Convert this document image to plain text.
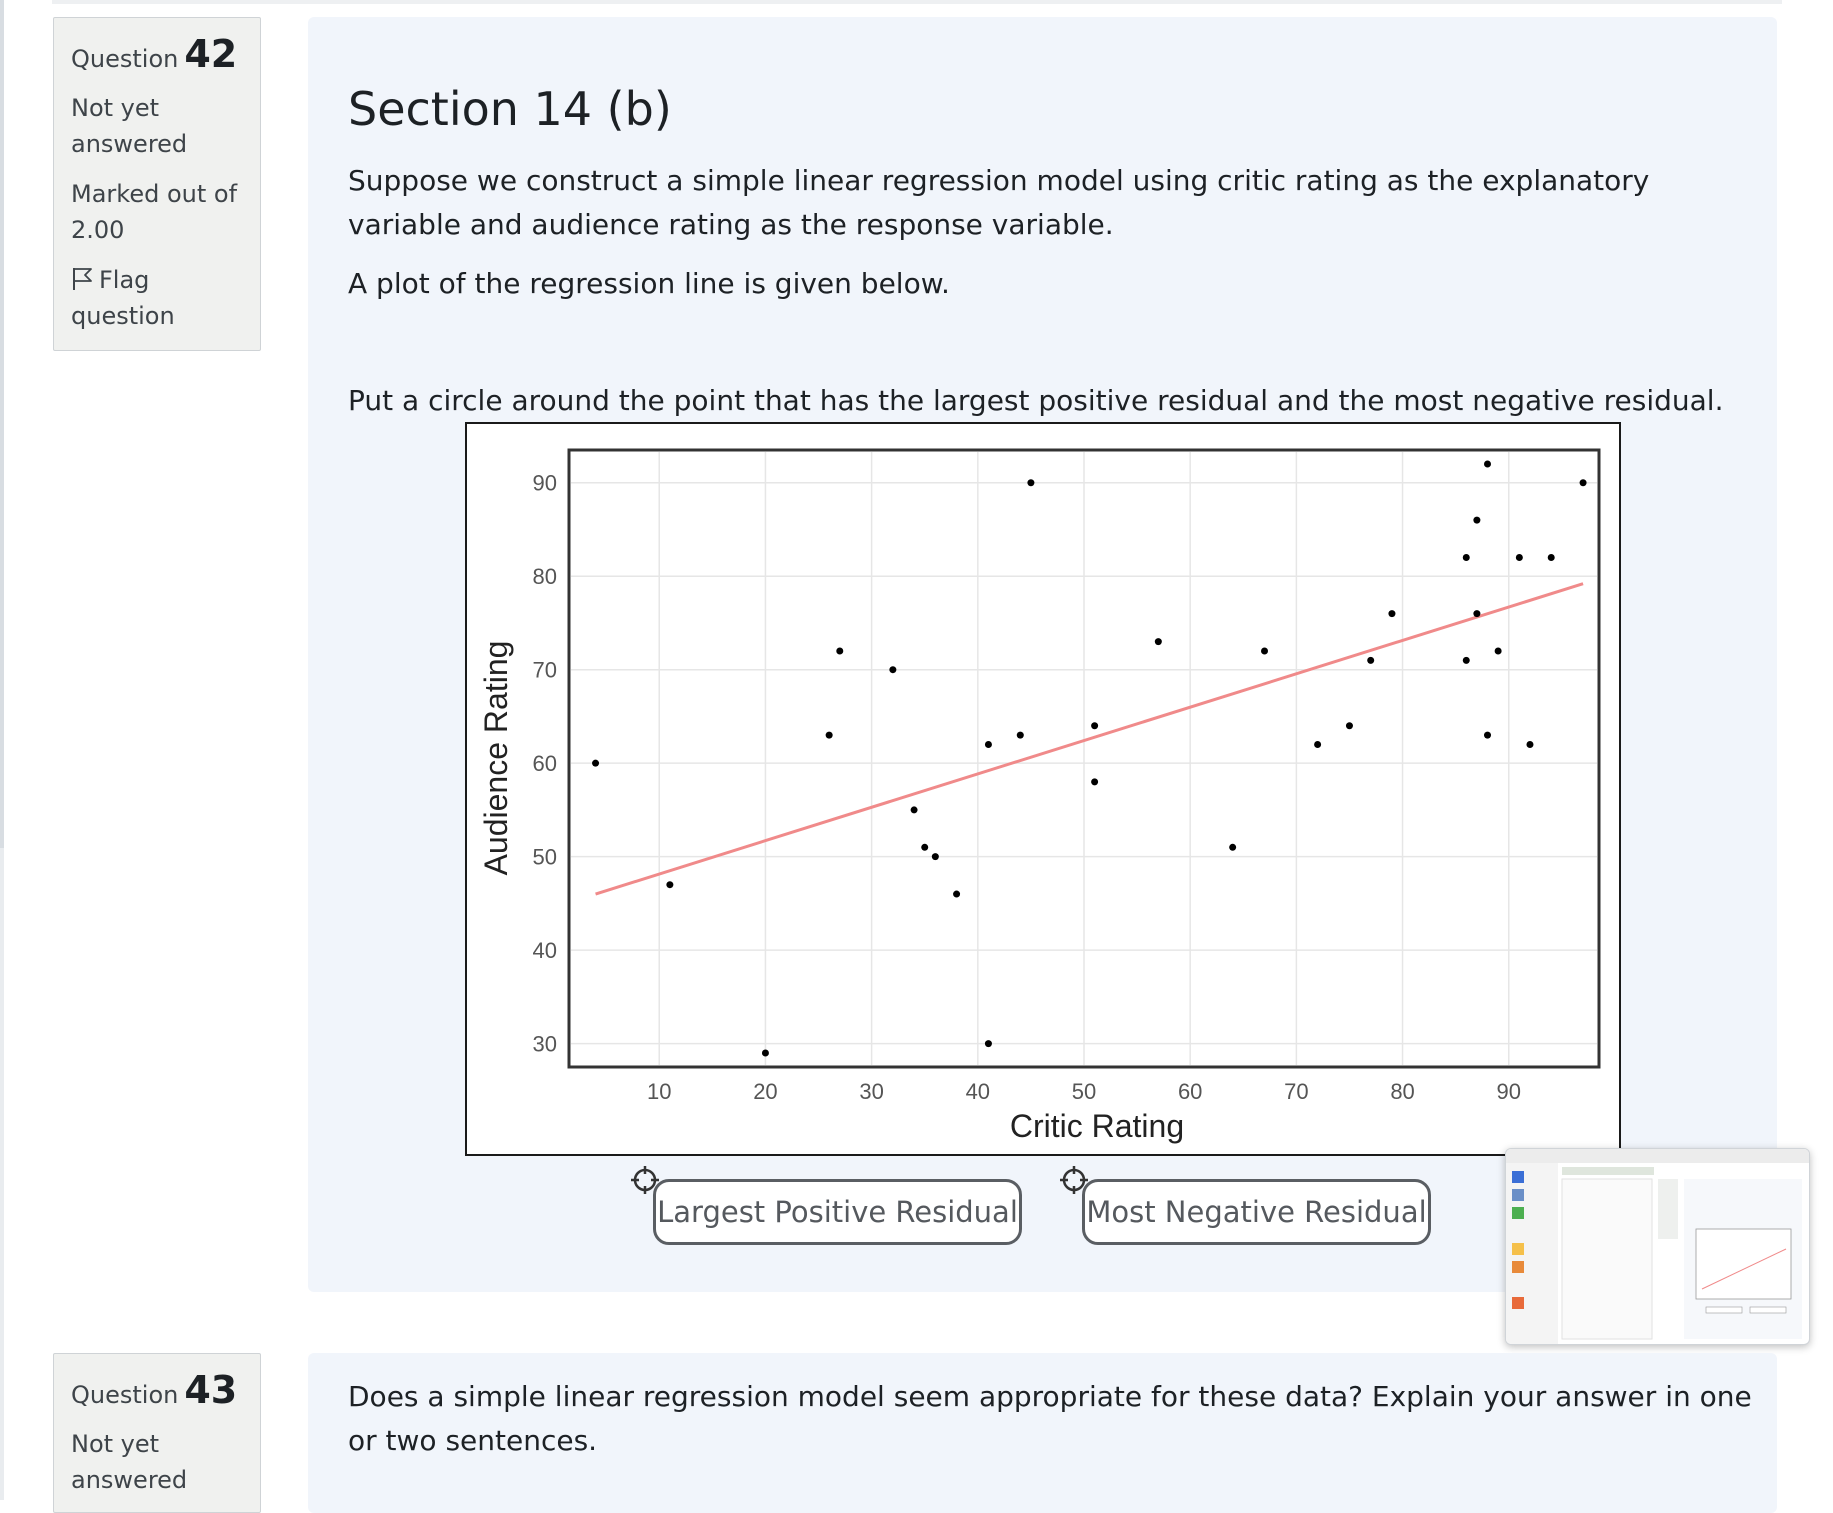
Question 42
Not yet answered
Marked out of 2.00
Flag question
Section 14 (b)
Suppose we construct a simple linear regression model using critic rating as the explanatory variable and audience rating as the response variable.
A plot of the regression line is given below.
Put a circle around the point that has the largest positive residual and the most negative residual.
10	20	30	40	50	60	70	80	90
30
40
50
60
70
80
90
Critic Rating
Audience Rating
Largest Positive Residual Most Negative Residual
Question 43
Not yet answered
Does a simple linear regression model seem appropriate for these data? Explain your answer in one or two sentences.
